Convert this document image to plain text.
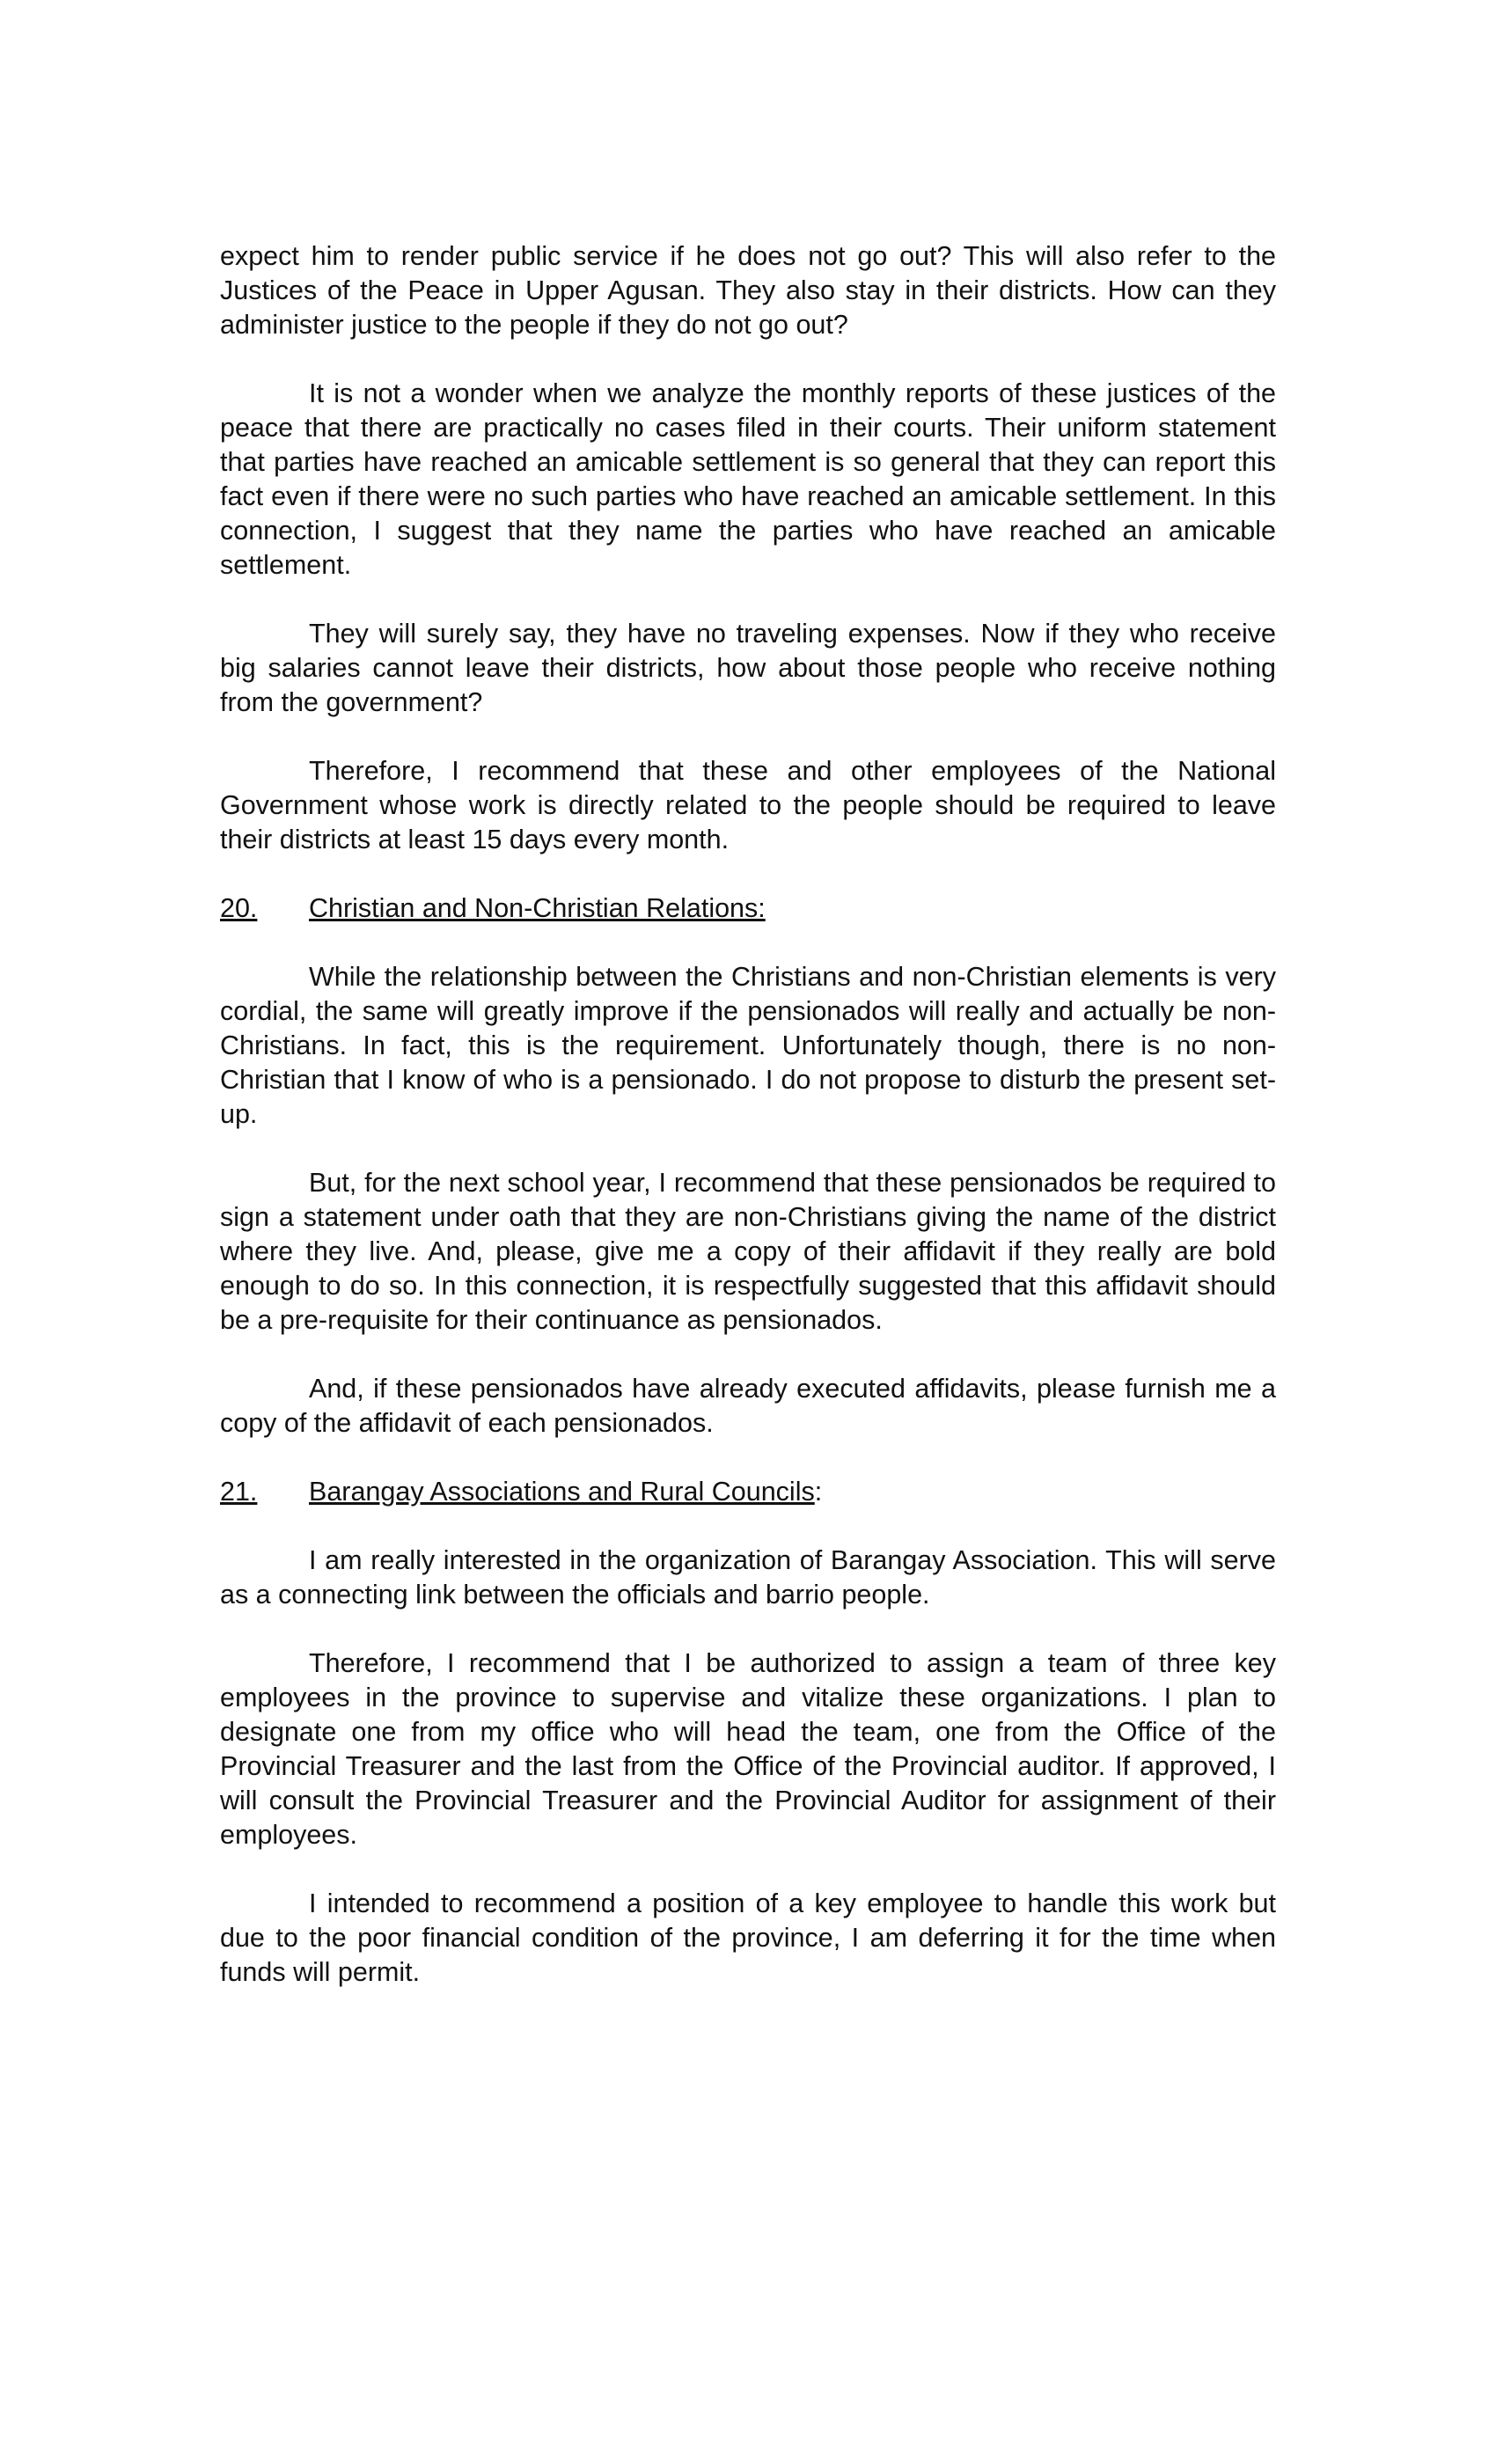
expect him to render public service if he does not go out? This will also refer to the Justices of the Peace in Upper Agusan. They also stay in their districts. How can they administer justice to the people if they do not go out?

It is not a wonder when we analyze the monthly reports of these justices of the peace that there are practically no cases filed in their courts. Their uniform statement that parties have reached an amicable settlement is so general that they can report this fact even if there were no such parties who have reached an amicable settlement. In this connection, I suggest that they name the parties who have reached an amicable settlement.

They will surely say, they have no traveling expenses. Now if they who receive big salaries cannot leave their districts, how about those people who receive nothing from the government?

Therefore, I recommend that these and other employees of the National Government whose work is directly related to the people should be required to leave their districts at least 15 days every month.

20. Christian and Non-Christian Relations:

While the relationship between the Christians and non-Christian elements is very cordial, the same will greatly improve if the pensionados will really and actually be non-Christians. In fact, this is the requirement. Unfortunately though, there is no non-Christian that I know of who is a pensionado. I do not propose to disturb the present set-up.

But, for the next school year, I recommend that these pensionados be required to sign a statement under oath that they are non-Christians giving the name of the district where they live. And, please, give me a copy of their affidavit if they really are bold enough to do so. In this connection, it is respectfully suggested that this affidavit should be a pre-requisite for their continuance as pensionados.

And, if these pensionados have already executed affidavits, please furnish me a copy of the affidavit of each pensionados.

21. Barangay Associations and Rural Councils:

I am really interested in the organization of Barangay Association. This will serve as a connecting link between the officials and barrio people.

Therefore, I recommend that I be authorized to assign a team of three key employees in the province to supervise and vitalize these organizations. I plan to designate one from my office who will head the team, one from the Office of the Provincial Treasurer and the last from the Office of the Provincial auditor. If approved, I will consult the Provincial Treasurer and the Provincial Auditor for assignment of their employees.

I intended to recommend a position of a key employee to handle this work but due to the poor financial condition of the province, I am deferring it for the time when funds will permit.
